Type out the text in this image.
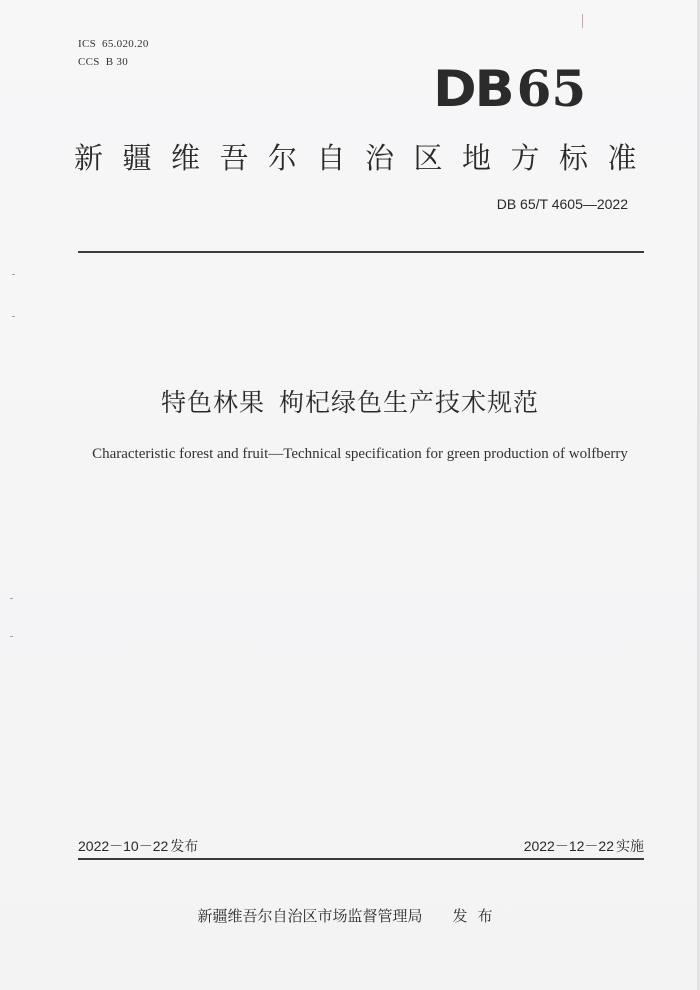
ICS 65.020.20
CCS B 30	DB 65
新疆维吾尔自治区地方标准
DB 65/T 4605—2022
特色林果 枸杞绿色生产技术规范
Characteristic forest and fruit—Technical specification for green production of wolfberry
2022－10－22 发布	2022－12－22 实施
新疆维吾尔自治区市场监督管理局 发布
